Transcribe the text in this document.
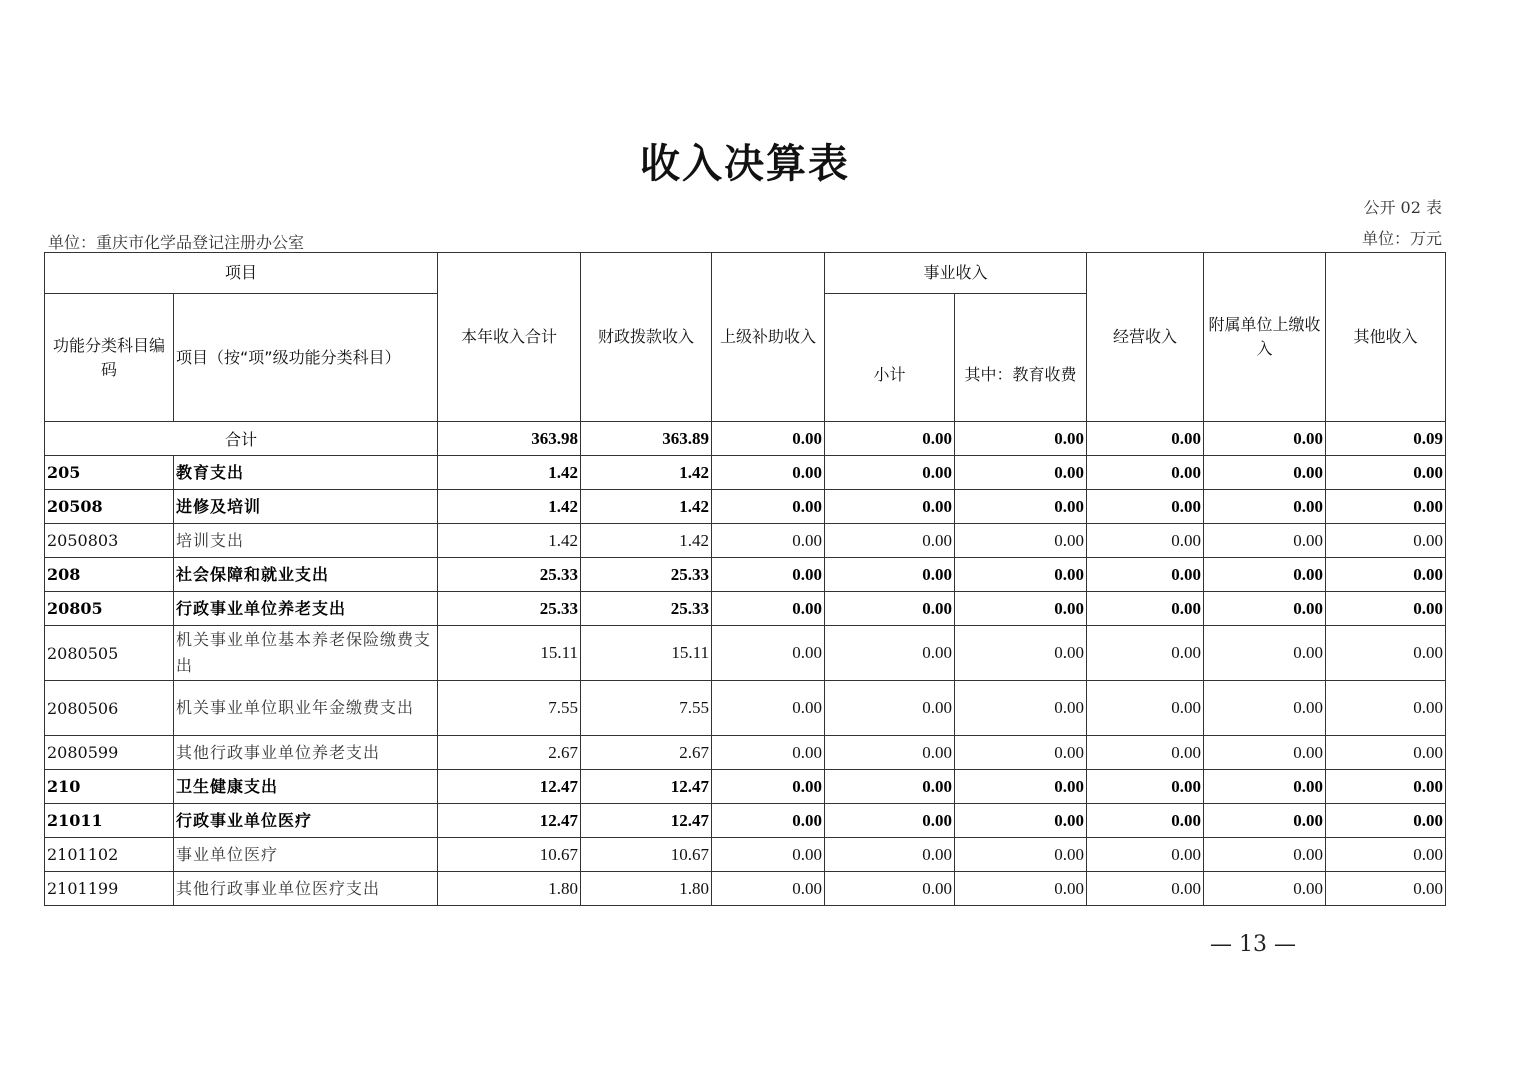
收入决算表
公开 02 表
单位：重庆市化学品登记注册办公室	单位：万元
项目		本年收入合计	财政拨款收入	上级补助收入	事业收入		经营收入	附属单位上缴收入	其他收入
功能分类科目编码	项目（按“项”级功能分类科目）				小计	其中：教育收费			
合计		363.98	363.89	0.00	0.00	0.00	0.00	0.00	0.09
205	教育支出	1.42	1.42	0.00	0.00	0.00	0.00	0.00	0.00
20508	进修及培训	1.42	1.42	0.00	0.00	0.00	0.00	0.00	0.00
2050803	培训支出	1.42	1.42	0.00	0.00	0.00	0.00	0.00	0.00
208	社会保障和就业支出	25.33	25.33	0.00	0.00	0.00	0.00	0.00	0.00
20805	行政事业单位养老支出	25.33	25.33	0.00	0.00	0.00	0.00	0.00	0.00
2080505	机关事业单位基本养老保险缴费支出	15.11	15.11	0.00	0.00	0.00	0.00	0.00	0.00
2080506	机关事业单位职业年金缴费支出	7.55	7.55	0.00	0.00	0.00	0.00	0.00	0.00
2080599	其他行政事业单位养老支出	2.67	2.67	0.00	0.00	0.00	0.00	0.00	0.00
210	卫生健康支出	12.47	12.47	0.00	0.00	0.00	0.00	0.00	0.00
21011	行政事业单位医疗	12.47	12.47	0.00	0.00	0.00	0.00	0.00	0.00
2101102	事业单位医疗	10.67	10.67	0.00	0.00	0.00	0.00	0.00	0.00
2101199	其他行政事业单位医疗支出	1.80	1.80	0.00	0.00	0.00	0.00	0.00	0.00
— 13 —
